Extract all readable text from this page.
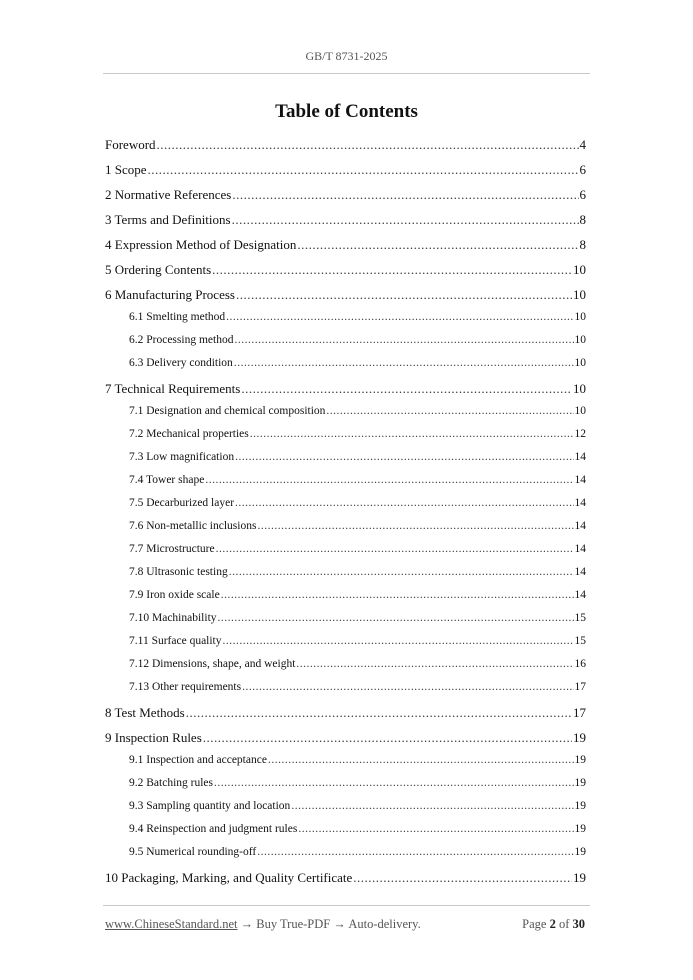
GB/T 8731-2025
Table of Contents
Foreword .....	4
1 Scope .....	6
2 Normative References .....	6
3 Terms and Definitions .....	8
4 Expression Method of Designation .....	8
5 Ordering Contents .....	10
6 Manufacturing Process .....	10
6.1 Smelting method .....	10
6.2 Processing method .....	10
6.3 Delivery condition .....	10
7 Technical Requirements .....	10
7.1 Designation and chemical composition .....	10
7.2 Mechanical properties .....	12
7.3 Low magnification .....	14
7.4 Tower shape .....	14
7.5 Decarburized layer .....	14
7.6 Non-metallic inclusions .....	14
7.7 Microstructure .....	14
7.8 Ultrasonic testing .....	14
7.9 Iron oxide scale .....	14
7.10 Machinability .....	15
7.11 Surface quality .....	15
7.12 Dimensions, shape, and weight .....	16
7.13 Other requirements .....	17
8 Test Methods .....	17
9 Inspection Rules .....	19
9.1 Inspection and acceptance .....	19
9.2 Batching rules .....	19
9.3 Sampling quantity and location .....	19
9.4 Reinspection and judgment rules .....	19
9.5 Numerical rounding-off .....	19
10 Packaging, Marking, and Quality Certificate .....	19
www.ChineseStandard.net → Buy True-PDF → Auto-delivery.	Page 2 of 30
